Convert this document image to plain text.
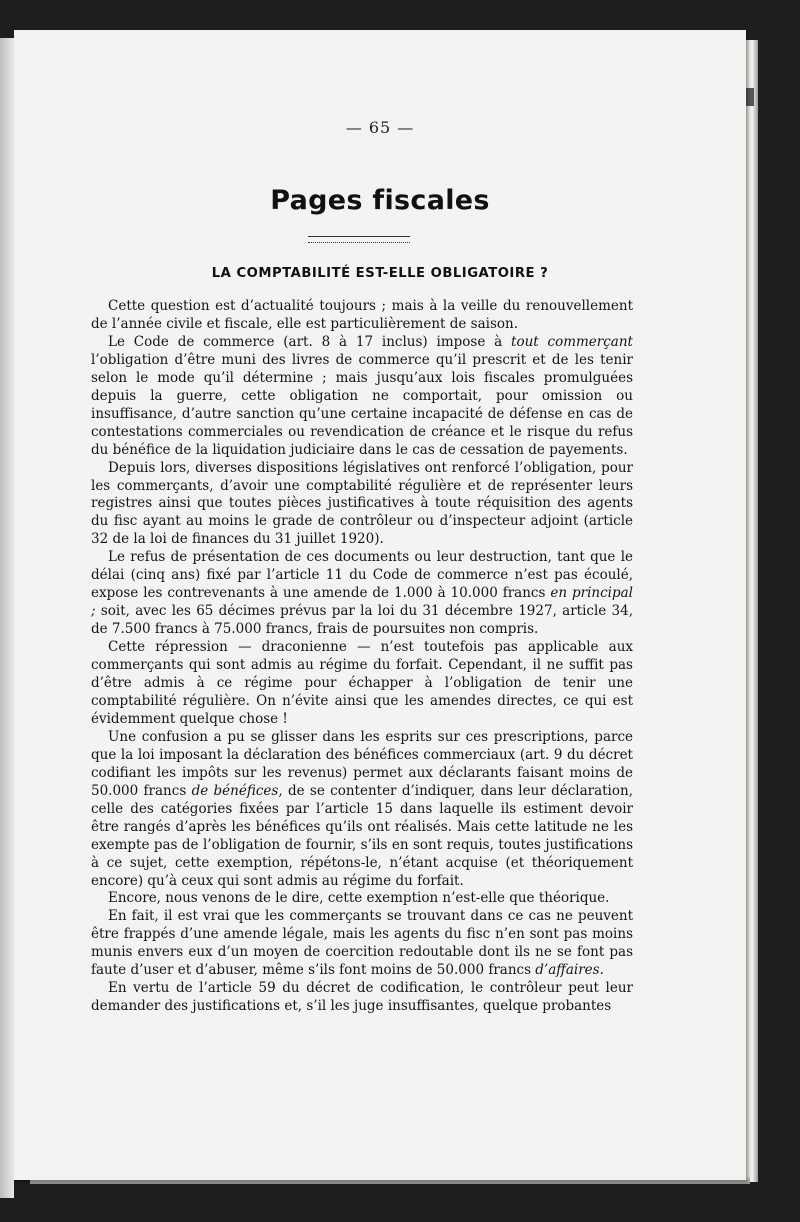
— 65 —
Pages fiscales
LA COMPTABILITÉ EST-ELLE OBLIGATOIRE ?

Cette question est d’actualité toujours ; mais à la veille du renouvellement de l’année civile et fiscale, elle est particulièrement de saison.

Le Code de commerce (art. 8 à 17 inclus) impose à tout commerçant l’obligation d’être muni des livres de commerce qu’il prescrit et de les tenir selon le mode qu’il détermine ; mais jusqu’aux lois fiscales promulguées depuis la guerre, cette obligation ne comportait, pour omission ou insuffisance, d’autre sanction qu’une certaine incapacité de défense en cas de contestations commerciales ou revendication de créance et le risque du refus du bénéfice de la liquidation judiciaire dans le cas de cessation de payements.

Depuis lors, diverses dispositions législatives ont renforcé l’obligation, pour les commerçants, d’avoir une comptabilité régulière et de représenter leurs registres ainsi que toutes pièces justificatives à toute réquisition des agents du fisc ayant au moins le grade de contrôleur ou d’inspecteur adjoint (article 32 de la loi de finances du 31 juillet 1920).

Le refus de présentation de ces documents ou leur destruction, tant que le délai (cinq ans) fixé par l’article 11 du Code de commerce n’est pas écoulé, expose les contrevenants à une amende de 1.000 à 10.000 francs en principal ; soit, avec les 65 décimes prévus par la loi du 31 décembre 1927, article 34, de 7.500 francs à 75.000 francs, frais de poursuites non compris.

Cette répression — draconienne — n’est toutefois pas applicable aux commerçants qui sont admis au régime du forfait. Cependant, il ne suffit pas d’être admis à ce régime pour échapper à l’obligation de tenir une comptabilité régulière. On n’évite ainsi que les amendes directes, ce qui est évidemment quelque chose !

Une confusion a pu se glisser dans les esprits sur ces prescriptions, parce que la loi imposant la déclaration des bénéfices commerciaux (art. 9 du décret codifiant les impôts sur les revenus) permet aux déclarants faisant moins de 50.000 francs de bénéfices, de se contenter d’indiquer, dans leur déclaration, celle des catégories fixées par l’article 15 dans laquelle ils estiment devoir être rangés d’après les bénéfices qu’ils ont réalisés. Mais cette latitude ne les exempte pas de l’obligation de fournir, s’ils en sont requis, toutes justifications à ce sujet, cette exemption, répétons-le, n’étant acquise (et théoriquement encore) qu’à ceux qui sont admis au régime du forfait.

Encore, nous venons de le dire, cette exemption n’est-elle que théorique.

En fait, il est vrai que les commerçants se trouvant dans ce cas ne peuvent être frappés d’une amende légale, mais les agents du fisc n’en sont pas moins munis envers eux d’un moyen de coercition redoutable dont ils ne se font pas faute d’user et d’abuser, même s’ils font moins de 50.000 francs d’affaires.

En vertu de l’article 59 du décret de codification, le contrôleur peut leur demander des justifications et, s’il les juge insuffisantes, quelque probantes
